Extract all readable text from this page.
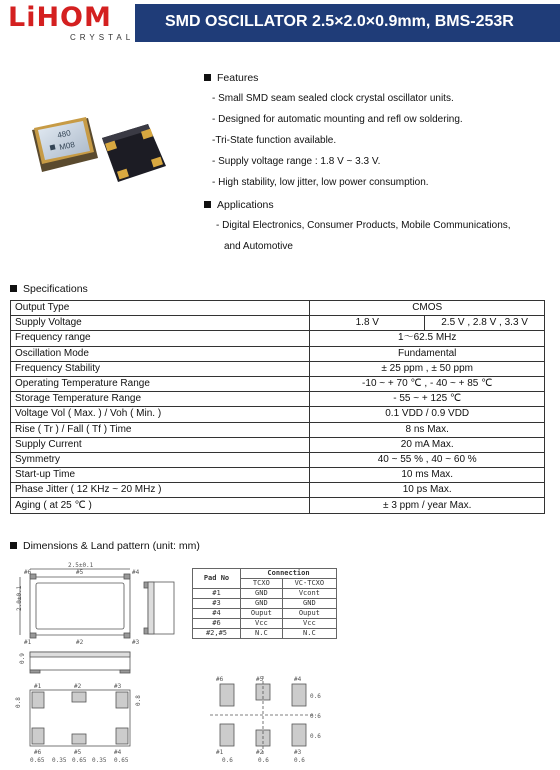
LiHOM
CRYSTAL
SMD OSCILLATOR 2.5×2.0×0.9mm, BMS-253R
480
M08
Features
- Small SMD seam sealed clock crystal oscillator units.
- Designed for automatic mounting and refl ow soldering.
-Tri-State function available.
- Supply voltage range : 1.8 V ~ 3.3 V.
- High stability, low jitter, low power consumption.
Applications
- Digital Electronics, Consumer Products, Mobile Communications,
and Automotive
Specifications
Output Type	CMOS	
Supply Voltage	1.8 V	2.5 V , 2.8 V , 3.3 V
Frequency range	1～62.5 MHz	
Oscillation Mode	Fundamental	
Frequency Stability	± 25 ppm , ± 50 ppm	
Operating Temperature Range	-10 ~ + 70 ℃ , - 40 ~ + 85 ℃	
Storage Temperature Range	- 55 ~ + 125 ℃	
Voltage Vol ( Max. ) / Voh ( Min. )	0.1 VDD / 0.9 VDD	
Rise ( Tr ) / Fall ( Tf ) Time	8 ns Max.	
Supply Current	20 mA Max.	
Symmetry	40 ~ 55 % , 40 ~ 60 %	
Start-up Time	10 ms Max.	
Phase Jitter ( 12 KHz ~ 20 MHz )	10 ps Max.	
Aging ( at 25 ℃ )	± 3 ppm / year Max.	
Dimensions & Land pattern (unit: mm)
2.5±0.1
2.0±0.1
#6	#5	#4
#1	#2	#3
0.9
#1	#2	#3
#6	#5	#4
0.65 0.35 0.65 0.35 0.65
0.8	0.8
#6	#5	#4
#1	#2	#3
0.6	0.6	0.6
0.6
0.6
0.6
Pad No	Connection	
	TCXO	VC-TCXO
#1	GND	Vcont
#3	GND	GND
#4	Ouput	Ouput
#6	Vcc	Vcc
#2,#5	N.C	N.C
